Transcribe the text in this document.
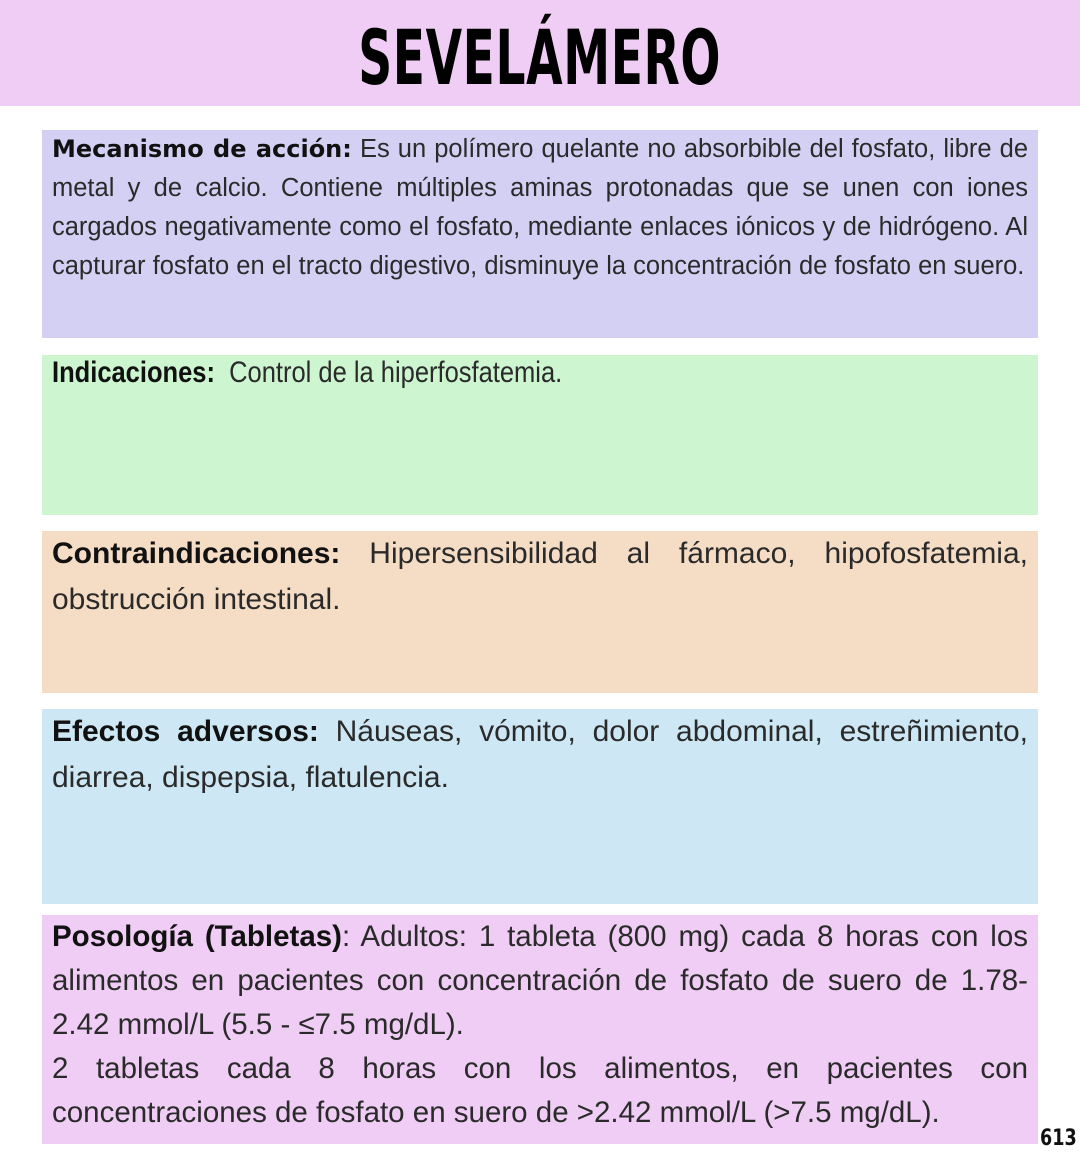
SEVELÁMERO

Mecanismo de acción: Es un polímero quelante no absorbible del fosfato, libre de metal y de calcio. Contiene múltiples aminas protonadas que se unen con iones cargados negativamente como el fosfato, mediante enlaces iónicos y de hidrógeno. Al capturar fosfato en el tracto digestivo, disminuye la concentración de fosfato en suero.

Indicaciones:  Control de la hiperfosfatemia.

Contraindicaciones: Hipersensibilidad al fármaco, hipofosfatemia, obstrucción intestinal.

Efectos adversos: Náuseas, vómito, dolor abdominal, estreñimiento, diarrea, dispepsia, flatulencia.

Posología (Tabletas): Adultos: 1 tableta (800 mg) cada 8 horas con los alimentos en pacientes con concentración de fosfato de suero de 1.78-2.42 mmol/L (5.5 - ≤7.5 mg/dL).

2 tabletas cada 8 horas con los alimentos, en pacientes con concentraciones de fosfato en suero de >2.42 mmol/L (>7.5 mg/dL).

613
